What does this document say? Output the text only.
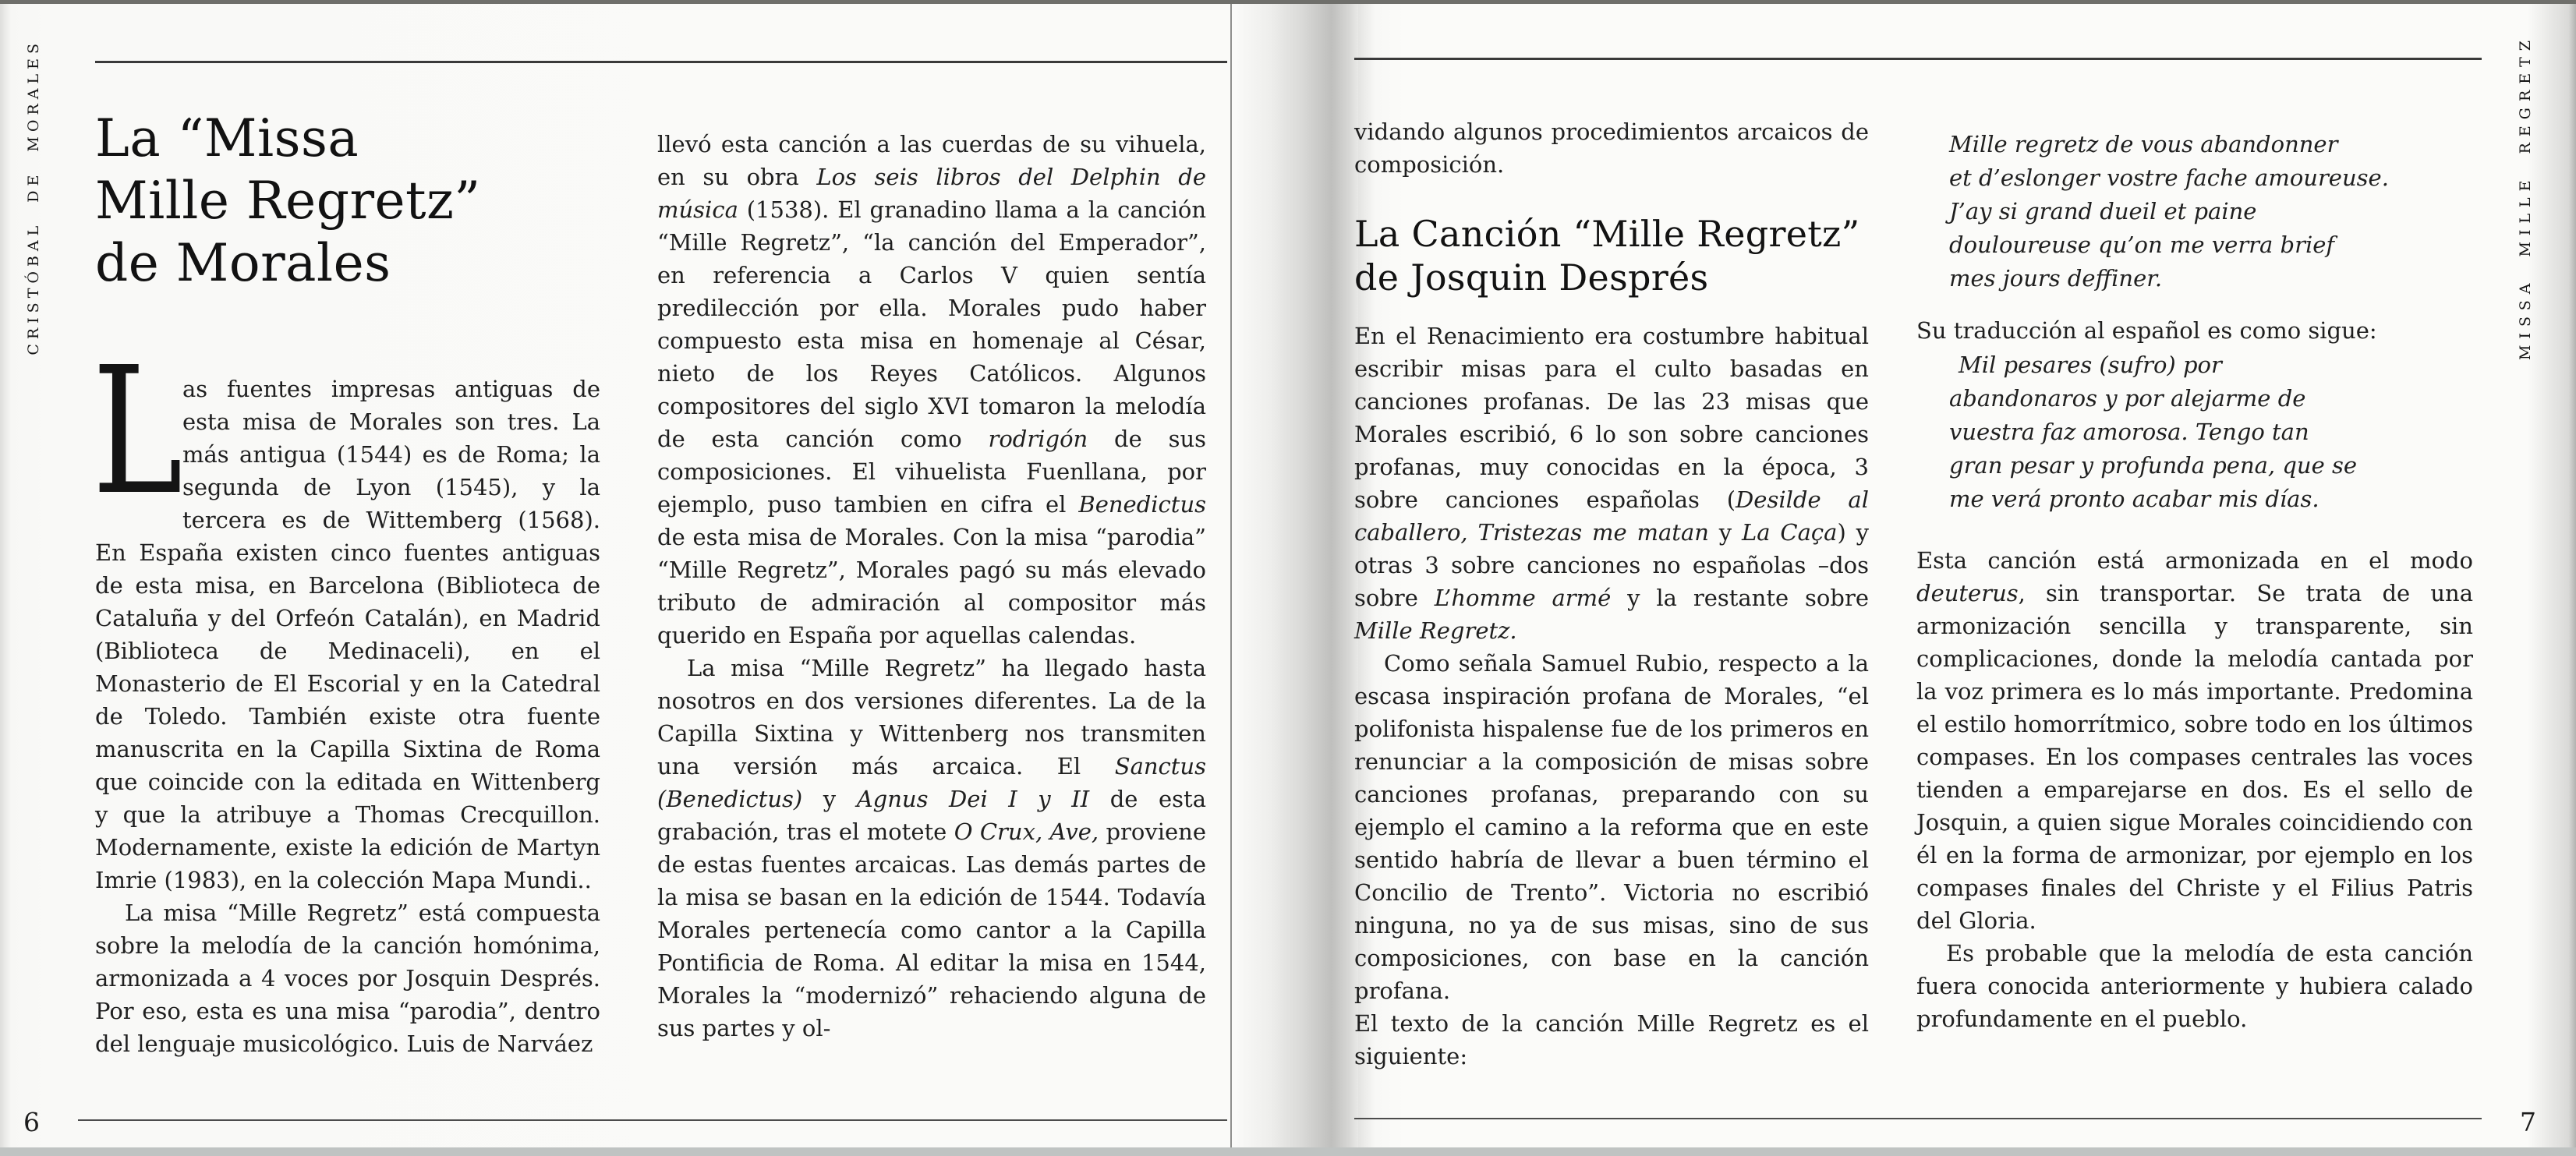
CRISTÓBAL DE MORALES La “Missa
Mille Regretz”
de Morales
L as fuentes impresas antiguas de esta misa de Morales son tres. La más antigua (1544) es de Roma; la segunda de Lyon (1545), y la tercera es de Wittemberg (1568). En España existen cinco fuentes antiguas de esta misa, en Barcelona (Biblioteca de Cataluña y del Orfeón Catalán), en Madrid (Biblioteca de Medinaceli), en el Monasterio de El Escorial y en la Catedral de Toledo. También existe otra fuente manuscrita en la Capilla Sixtina de Roma que coincide con la editada en Wittenberg y que la atribuye a Thomas Crecquillon. Modernamente, existe la edición de Martyn Imrie (1983), en la colección Mapa Mundi..

La misa “Mille Regretz” está compuesta sobre la melodía de la canción homónima, armonizada a 4 voces por Josquin Després. Por eso, esta es una misa “parodia”, dentro del lenguaje musicológico. Luis de Narváez

llevó esta canción a las cuerdas de su vihuela, en su obra Los seis libros del Delphin de música (1538). El granadino llama a la canción “Mille Regretz”, “la canción del Emperador”, en referencia a Carlos V quien sentía predilección por ella. Morales pudo haber compuesto esta misa en homenaje al César, nieto de los Reyes Católicos. Algunos compositores del siglo XVI tomaron la melodía de esta canción como rodrigón de sus composiciones. El vihuelista Fuenllana, por ejemplo, puso tambien en cifra el Benedictus de esta misa de Morales. Con la misa “parodia” “Mille Regretz”, Morales pagó su más elevado tributo de admiración al compositor más querido en España por aquellas calendas.

La misa “Mille Regretz” ha llegado hasta nosotros en dos versiones diferentes. La de la Capilla Sixtina y Wittenberg nos transmiten una versión más arcaica. El Sanctus (Benedictus) y Agnus Dei I y II de esta grabación, tras el motete O Crux, Ave, proviene de estas fuentes arcaicas. Las demás partes de la misa se basan en la edición de 1544. Todavía Morales pertenecía como cantor a la Capilla Pontificia de Roma. Al editar la misa en 1544, Morales la “modernizó” rehaciendo alguna de sus partes y ol-

6

vidando algunos procedimientos arcaicos de composición.

La Canción “Mille Regretz”
de Josquin Després

En el Renacimiento era costumbre habitual escribir misas para el culto basadas en canciones profanas. De las 23 misas que Morales escribió, 6 lo son sobre canciones profanas, muy conocidas en la época, 3 sobre canciones españolas (Desilde al caballero, Tristezas me matan y La Caça) y otras 3 sobre canciones no españolas –dos sobre L’homme armé y la restante sobre Mille Regretz.

Como señala Samuel Rubio, respecto a la escasa inspiración profana de Morales, “el polifonista hispalense fue de los primeros en renunciar a la composición de misas sobre canciones profanas, preparando con su ejemplo el camino a la reforma que en este sentido habría de llevar a buen término el Concilio de Trento”. Victoria no escribió ninguna, no ya de sus misas, sino de sus composiciones, con base en la canción profana.

El texto de la canción Mille Regretz es el siguiente:

Mille regretz de vous abandonner
et d’eslonger vostre fache amoureuse.
J’ay si grand dueil et paine
douloureuse qu’on me verra brief
mes jours deffiner.
Su traducción al español es como sigue:
Mil pesares (sufro) por
abandonaros y por alejarme de
vuestra faz amorosa. Tengo tan
gran pesar y profunda pena, que se
me verá pronto acabar mis días.

Esta canción está armonizada en el modo deuterus, sin transportar. Se trata de una armonización sencilla y transparente, sin complicaciones, donde la melodía cantada por la voz primera es lo más importante. Predomina el estilo homorrítmico, sobre todo en los últimos compases. En los compases centrales las voces tienden a emparejarse en dos. Es el sello de Josquin, a quien sigue Morales coincidiendo con él en la forma de armonizar, por ejemplo en los compases finales del Christe y el Filius Patris del Gloria.

Es probable que la melodía de esta canción fuera conocida anteriormente y hubiera calado profundamente en el pueblo.

7
MISSA MILLE REGRETZ
